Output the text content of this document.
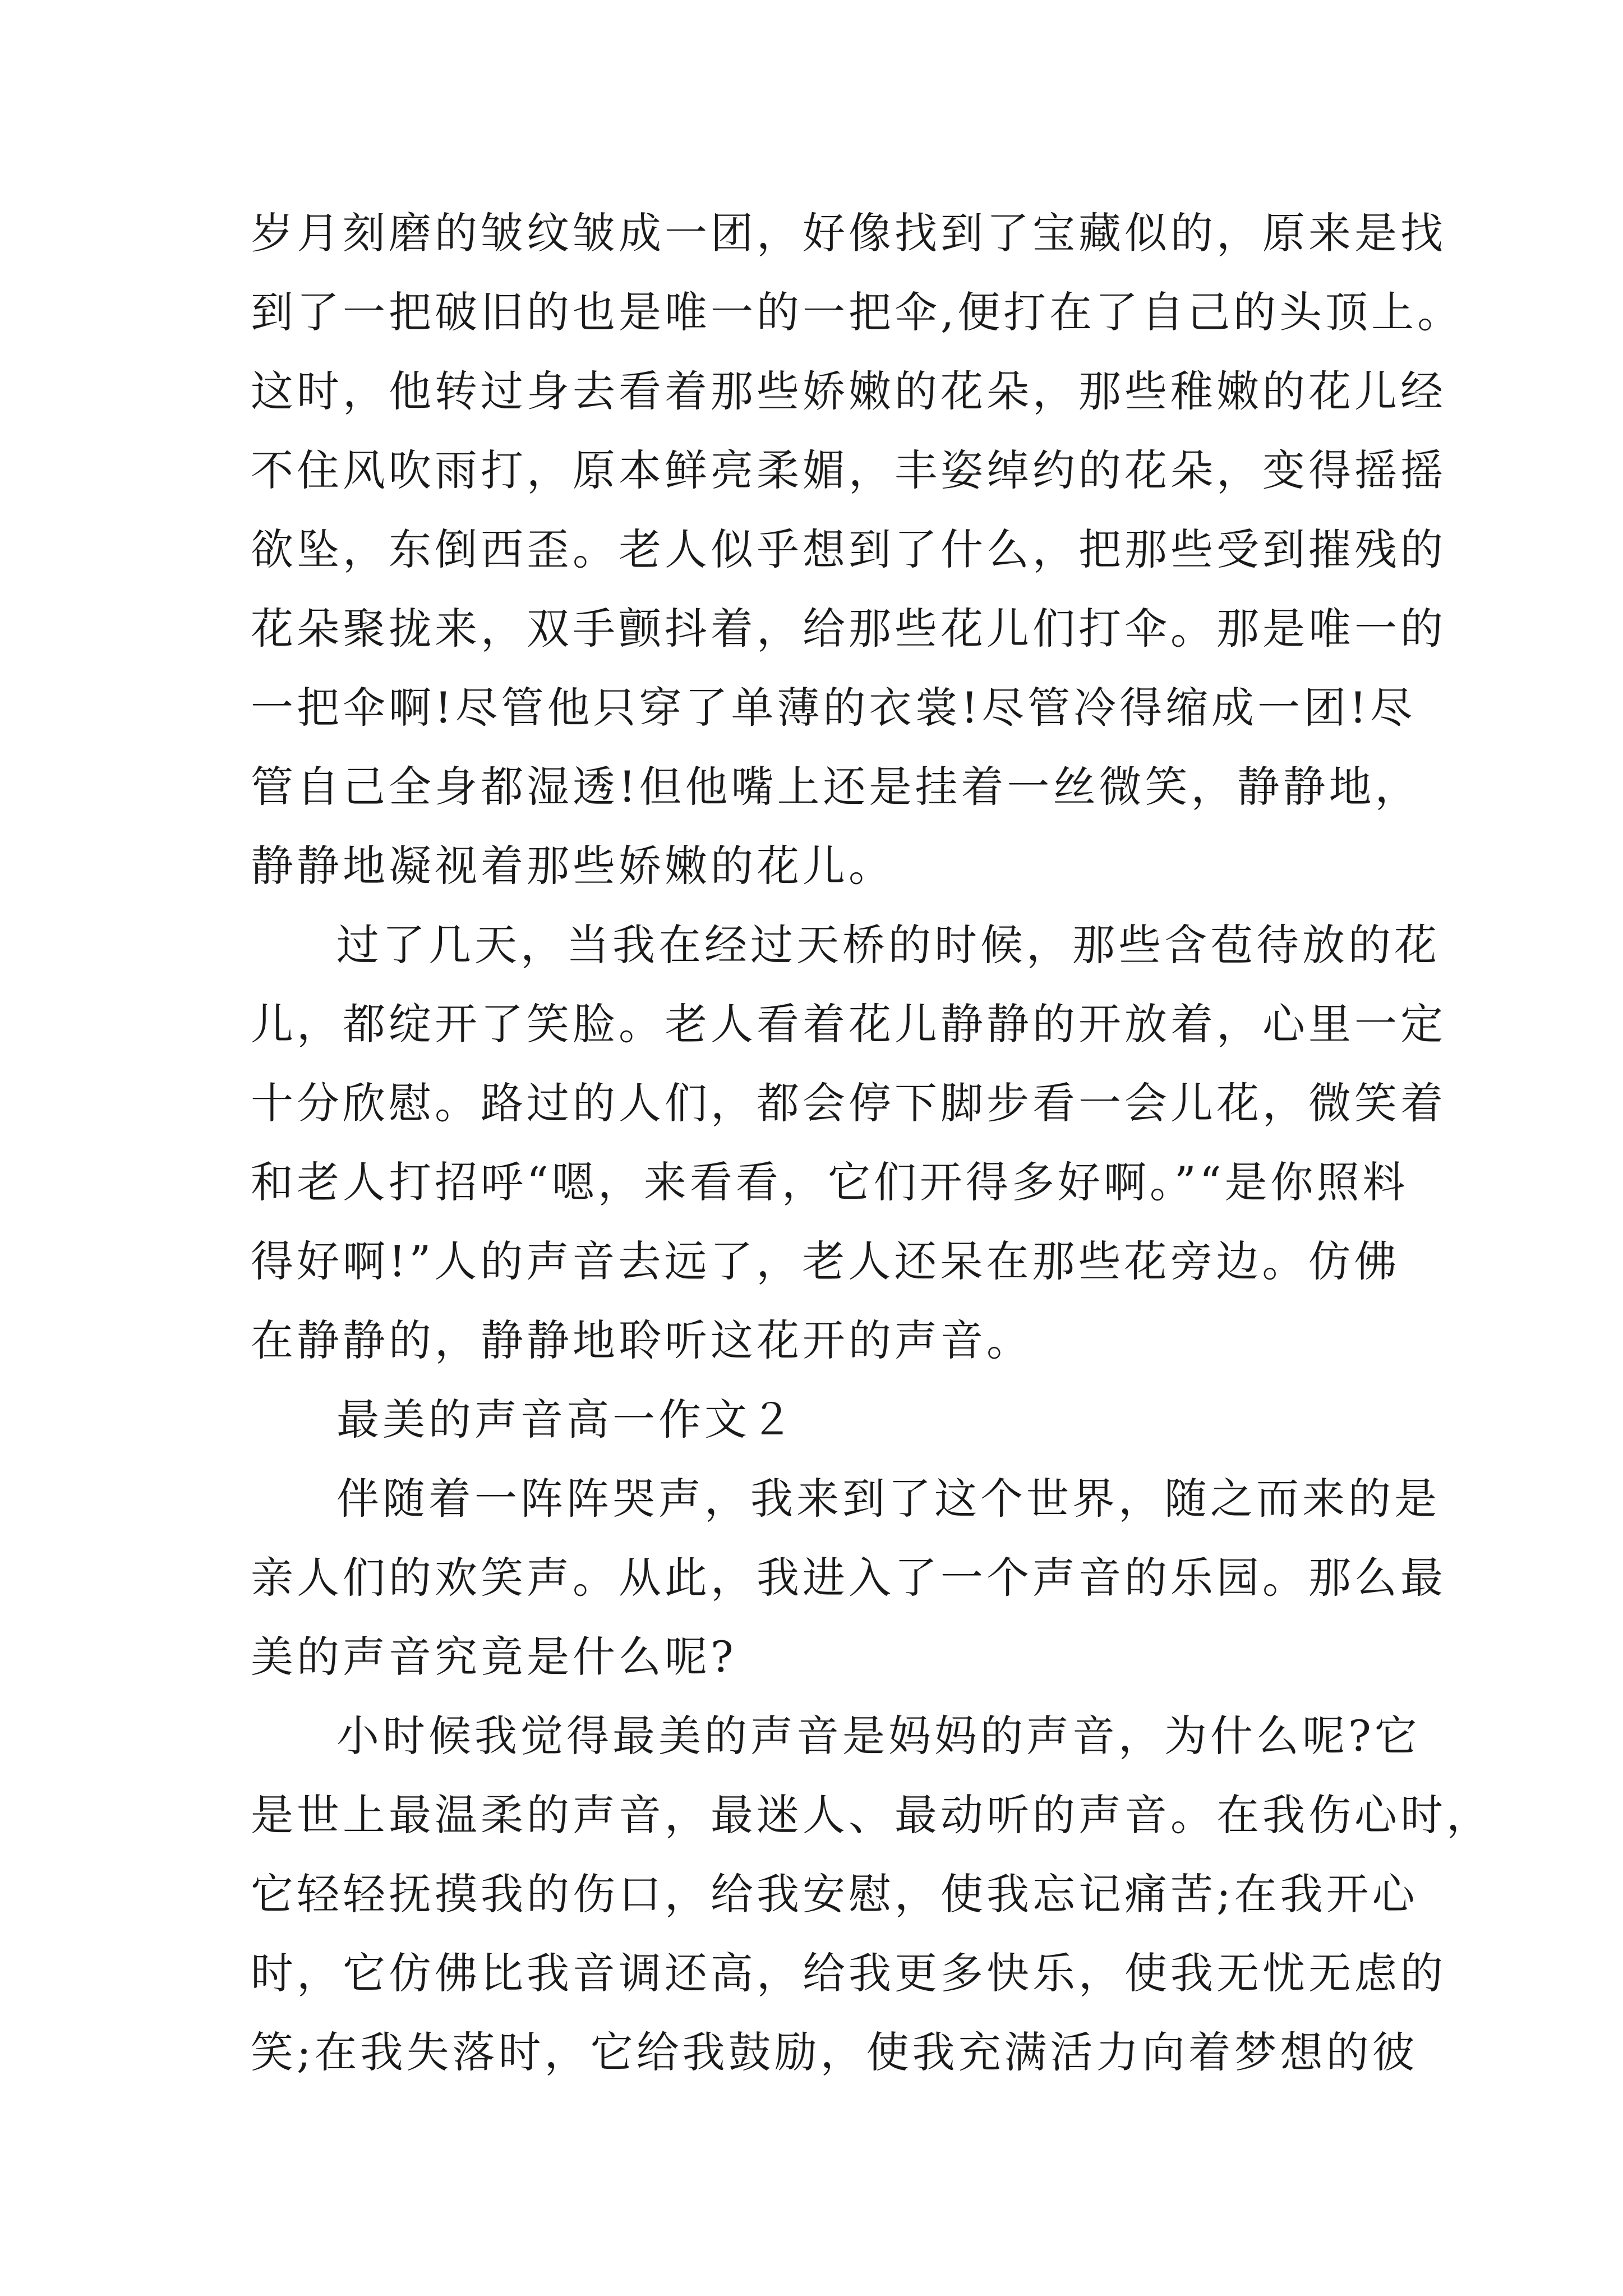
岁月刻磨的皱纹皱成一团，好像找到了宝藏似的，原来是找
到了一把破旧的也是唯一的一把伞,便打在了自己的头顶上。
这时，他转过身去看着那些娇嫩的花朵，那些稚嫩的花儿经
不住风吹雨打，原本鲜亮柔媚，丰姿绰约的花朵，变得摇摇
欲坠，东倒西歪。老人似乎想到了什么，把那些受到摧残的
花朵聚拢来，双手颤抖着，给那些花儿们打伞。那是唯一的
一把伞啊!尽管他只穿了单薄的衣裳!尽管冷得缩成一团!尽
管自己全身都湿透!但他嘴上还是挂着一丝微笑，静静地，
静静地凝视着那些娇嫩的花儿。
过了几天，当我在经过天桥的时候，那些含苞待放的花
儿，都绽开了笑脸。老人看着花儿静静的开放着，心里一定
十分欣慰。路过的人们，都会停下脚步看一会儿花，微笑着
和老人打招呼“嗯，来看看，它们开得多好啊。”“是你照料
得好啊!”人的声音去远了，老人还呆在那些花旁边。仿佛
在静静的，静静地聆听这花开的声音。
最美的声音高一作文２
伴随着一阵阵哭声，我来到了这个世界，随之而来的是
亲人们的欢笑声。从此，我进入了一个声音的乐园。那么最
美的声音究竟是什么呢?
小时候我觉得最美的声音是妈妈的声音，为什么呢?它
是世上最温柔的声音，最迷人、最动听的声音。在我伤心时，
它轻轻抚摸我的伤口，给我安慰，使我忘记痛苦;在我开心
时，它仿佛比我音调还高，给我更多快乐，使我无忧无虑的
笑;在我失落时，它给我鼓励，使我充满活力向着梦想的彼
